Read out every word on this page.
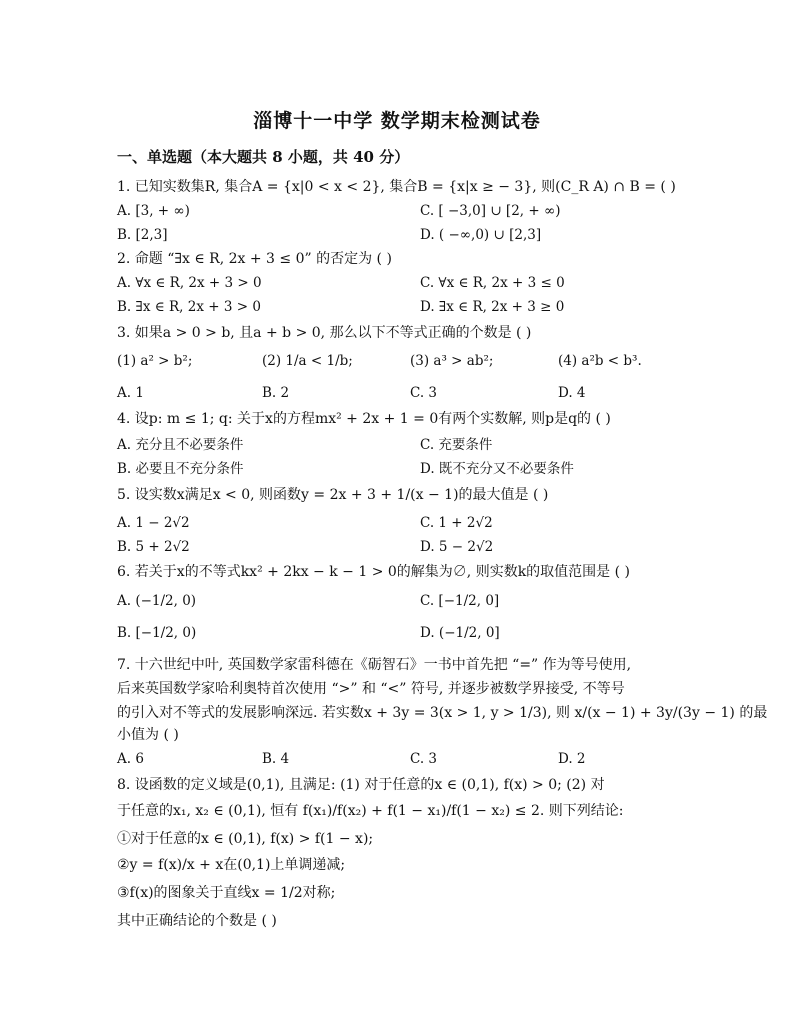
淄博十一中学 数学期末检测试卷
一、单选题（本大题共 8 小题，共 40 分）
1. 已知实数集R, 集合A = {x|0 < x < 2}, 集合B = {x|x ≥ − 3}, 则(C_R A) ∩ B = ( )
A. [3, + ∞)	C. [ −3,0] ∪ [2, + ∞)
B. [2,3]	D. ( −∞,0) ∪ [2,3]
2. 命题 “∃x ∈ R, 2x + 3 ≤ 0” 的否定为 ( )
A. ∀x ∈ R, 2x + 3 > 0	C. ∀x ∈ R, 2x + 3 ≤ 0
B. ∃x ∈ R, 2x + 3 > 0	D. ∃x ∈ R, 2x + 3 ≥ 0
3. 如果a > 0 > b, 且a + b > 0, 那么以下不等式正确的个数是 ( )
(1) a² > b²;	(2) 1/a < 1/b;	(3) a³ > ab²;	(4) a²b < b³.
A. 1	B. 2	C. 3	D. 4
4. 设p: m ≤ 1; q: 关于x的方程mx² + 2x + 1 = 0有两个实数解, 则p是q的 ( )
A. 充分且不必要条件	C. 充要条件
B. 必要且不充分条件	D. 既不充分又不必要条件
5. 设实数x满足x < 0, 则函数y = 2x + 3 + 1/(x − 1)的最大值是 ( )
A. 1 − 2√2	C. 1 + 2√2
B. 5 + 2√2	D. 5 − 2√2
6. 若关于x的不等式kx² + 2kx − k − 1 > 0的解集为∅, 则实数k的取值范围是 ( )
A. (−1/2, 0)	C. [−1/2, 0]
B. [−1/2, 0)	D. (−1/2, 0]
7. 十六世纪中叶, 英国数学家雷科德在《砺智石》一书中首先把 “=” 作为等号使用,
后来英国数学家哈利奥特首次使用 “>” 和 “<” 符号, 并逐步被数学界接受, 不等号
的引入对不等式的发展影响深远. 若实数x + 3y = 3(x > 1, y > 1/3), 则 x/(x − 1) + 3y/(3y − 1) 的最
小值为 ( )
A. 6	B. 4	C. 3	D. 2
8. 设函数的定义域是(0,1), 且满足: (1) 对于任意的x ∈ (0,1), f(x) > 0; (2) 对
于任意的x₁, x₂ ∈ (0,1), 恒有 f(x₁)/f(x₂) + f(1 − x₁)/f(1 − x₂) ≤ 2. 则下列结论:
①对于任意的x ∈ (0,1), f(x) > f(1 − x);
②y = f(x)/x + x在(0,1)上单调递减;
③f(x)的图象关于直线x = 1/2对称;
其中正确结论的个数是 ( )
